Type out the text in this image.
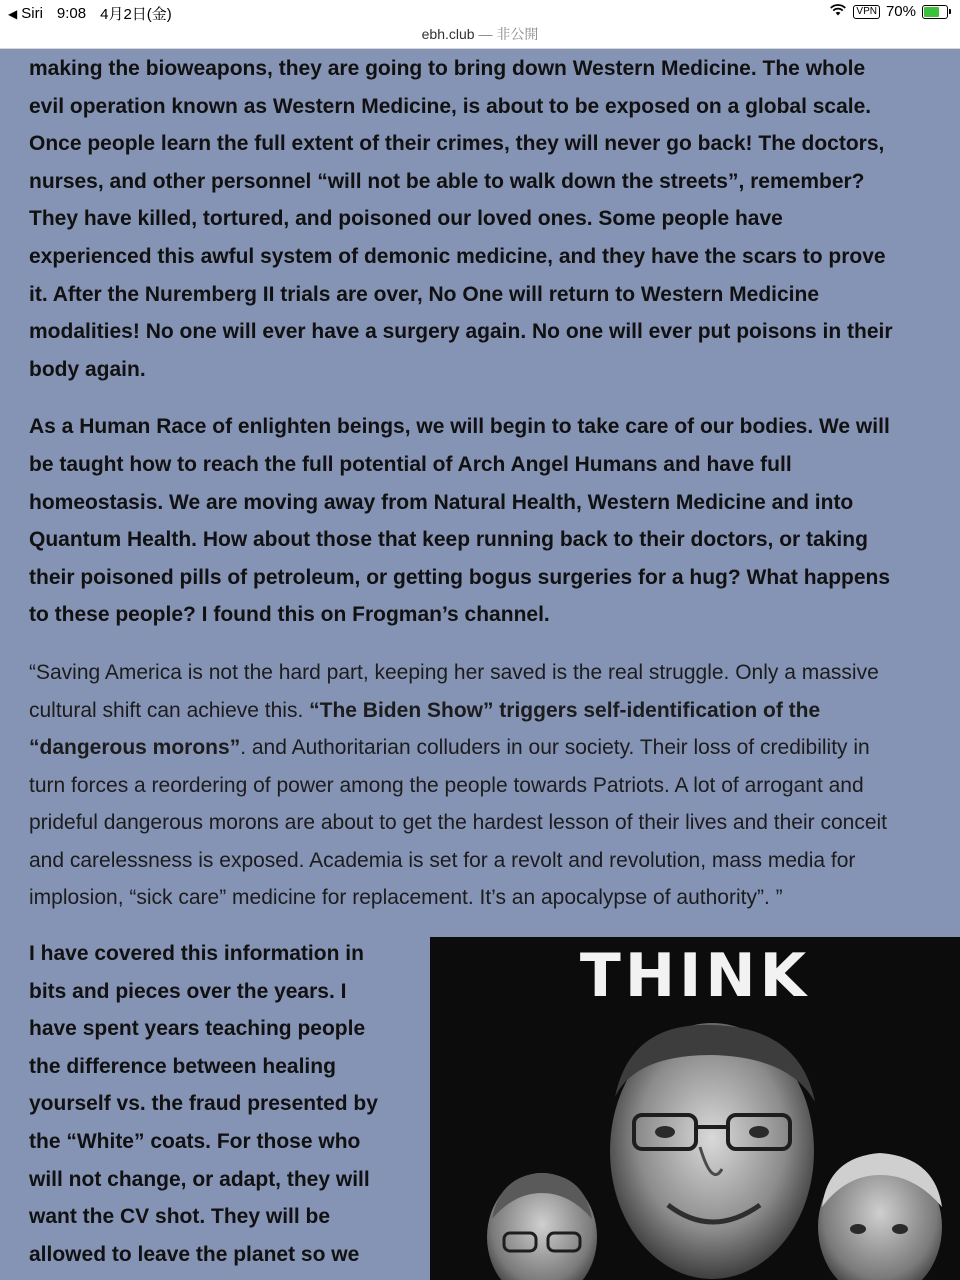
◀ Siri 9:08 4月2日(金)	VPN 70%
ebh.club — 非公開

making the bioweapons, they are going to bring down Western Medicine. The whole
evil operation known as Western Medicine, is about to be exposed on a global scale.
Once people learn the full extent of their crimes, they will never go back! The doctors,
nurses, and other personnel “will not be able to walk down the streets”, remember?
They have killed, tortured, and poisoned our loved ones. Some people have
experienced this awful system of demonic medicine, and they have the scars to prove
it. After the Nuremberg II trials are over, No One will return to Western Medicine
modalities! No one will ever have a surgery again. No one will ever put poisons in their
body again.

As a Human Race of enlighten beings, we will begin to take care of our bodies. We will
be taught how to reach the full potential of Arch Angel Humans and have full
homeostasis. We are moving away from Natural Health, Western Medicine and into
Quantum Health. How about those that keep running back to their doctors, or taking
their poisoned pills of petroleum, or getting bogus surgeries for a hug? What happens
to these people? I found this on Frogman’s channel.

“Saving America is not the hard part, keeping her saved is the real struggle. Only a massive
cultural shift can achieve this. “The Biden Show” triggers self-identification of the
“dangerous morons”. and Authoritarian colluders in our society. Their loss of credibility in
turn forces a reordering of power among the people towards Patriots. A lot of arrogant and
prideful dangerous morons are about to get the hardest lesson of their lives and their conceit
and carelessness is exposed. Academia is set for a revolt and revolution, mass media for
implosion, “sick care” medicine for replacement. It’s an apocalypse of authority”. ”

I have covered this information in
bits and pieces over the years. I
have spent years teaching people
the difference between healing
yourself vs. the fraud presented by
the “White” coats. For those who
will not change, or adapt, they will
want the CV shot. They will be
allowed to leave the planet so we
THINK
